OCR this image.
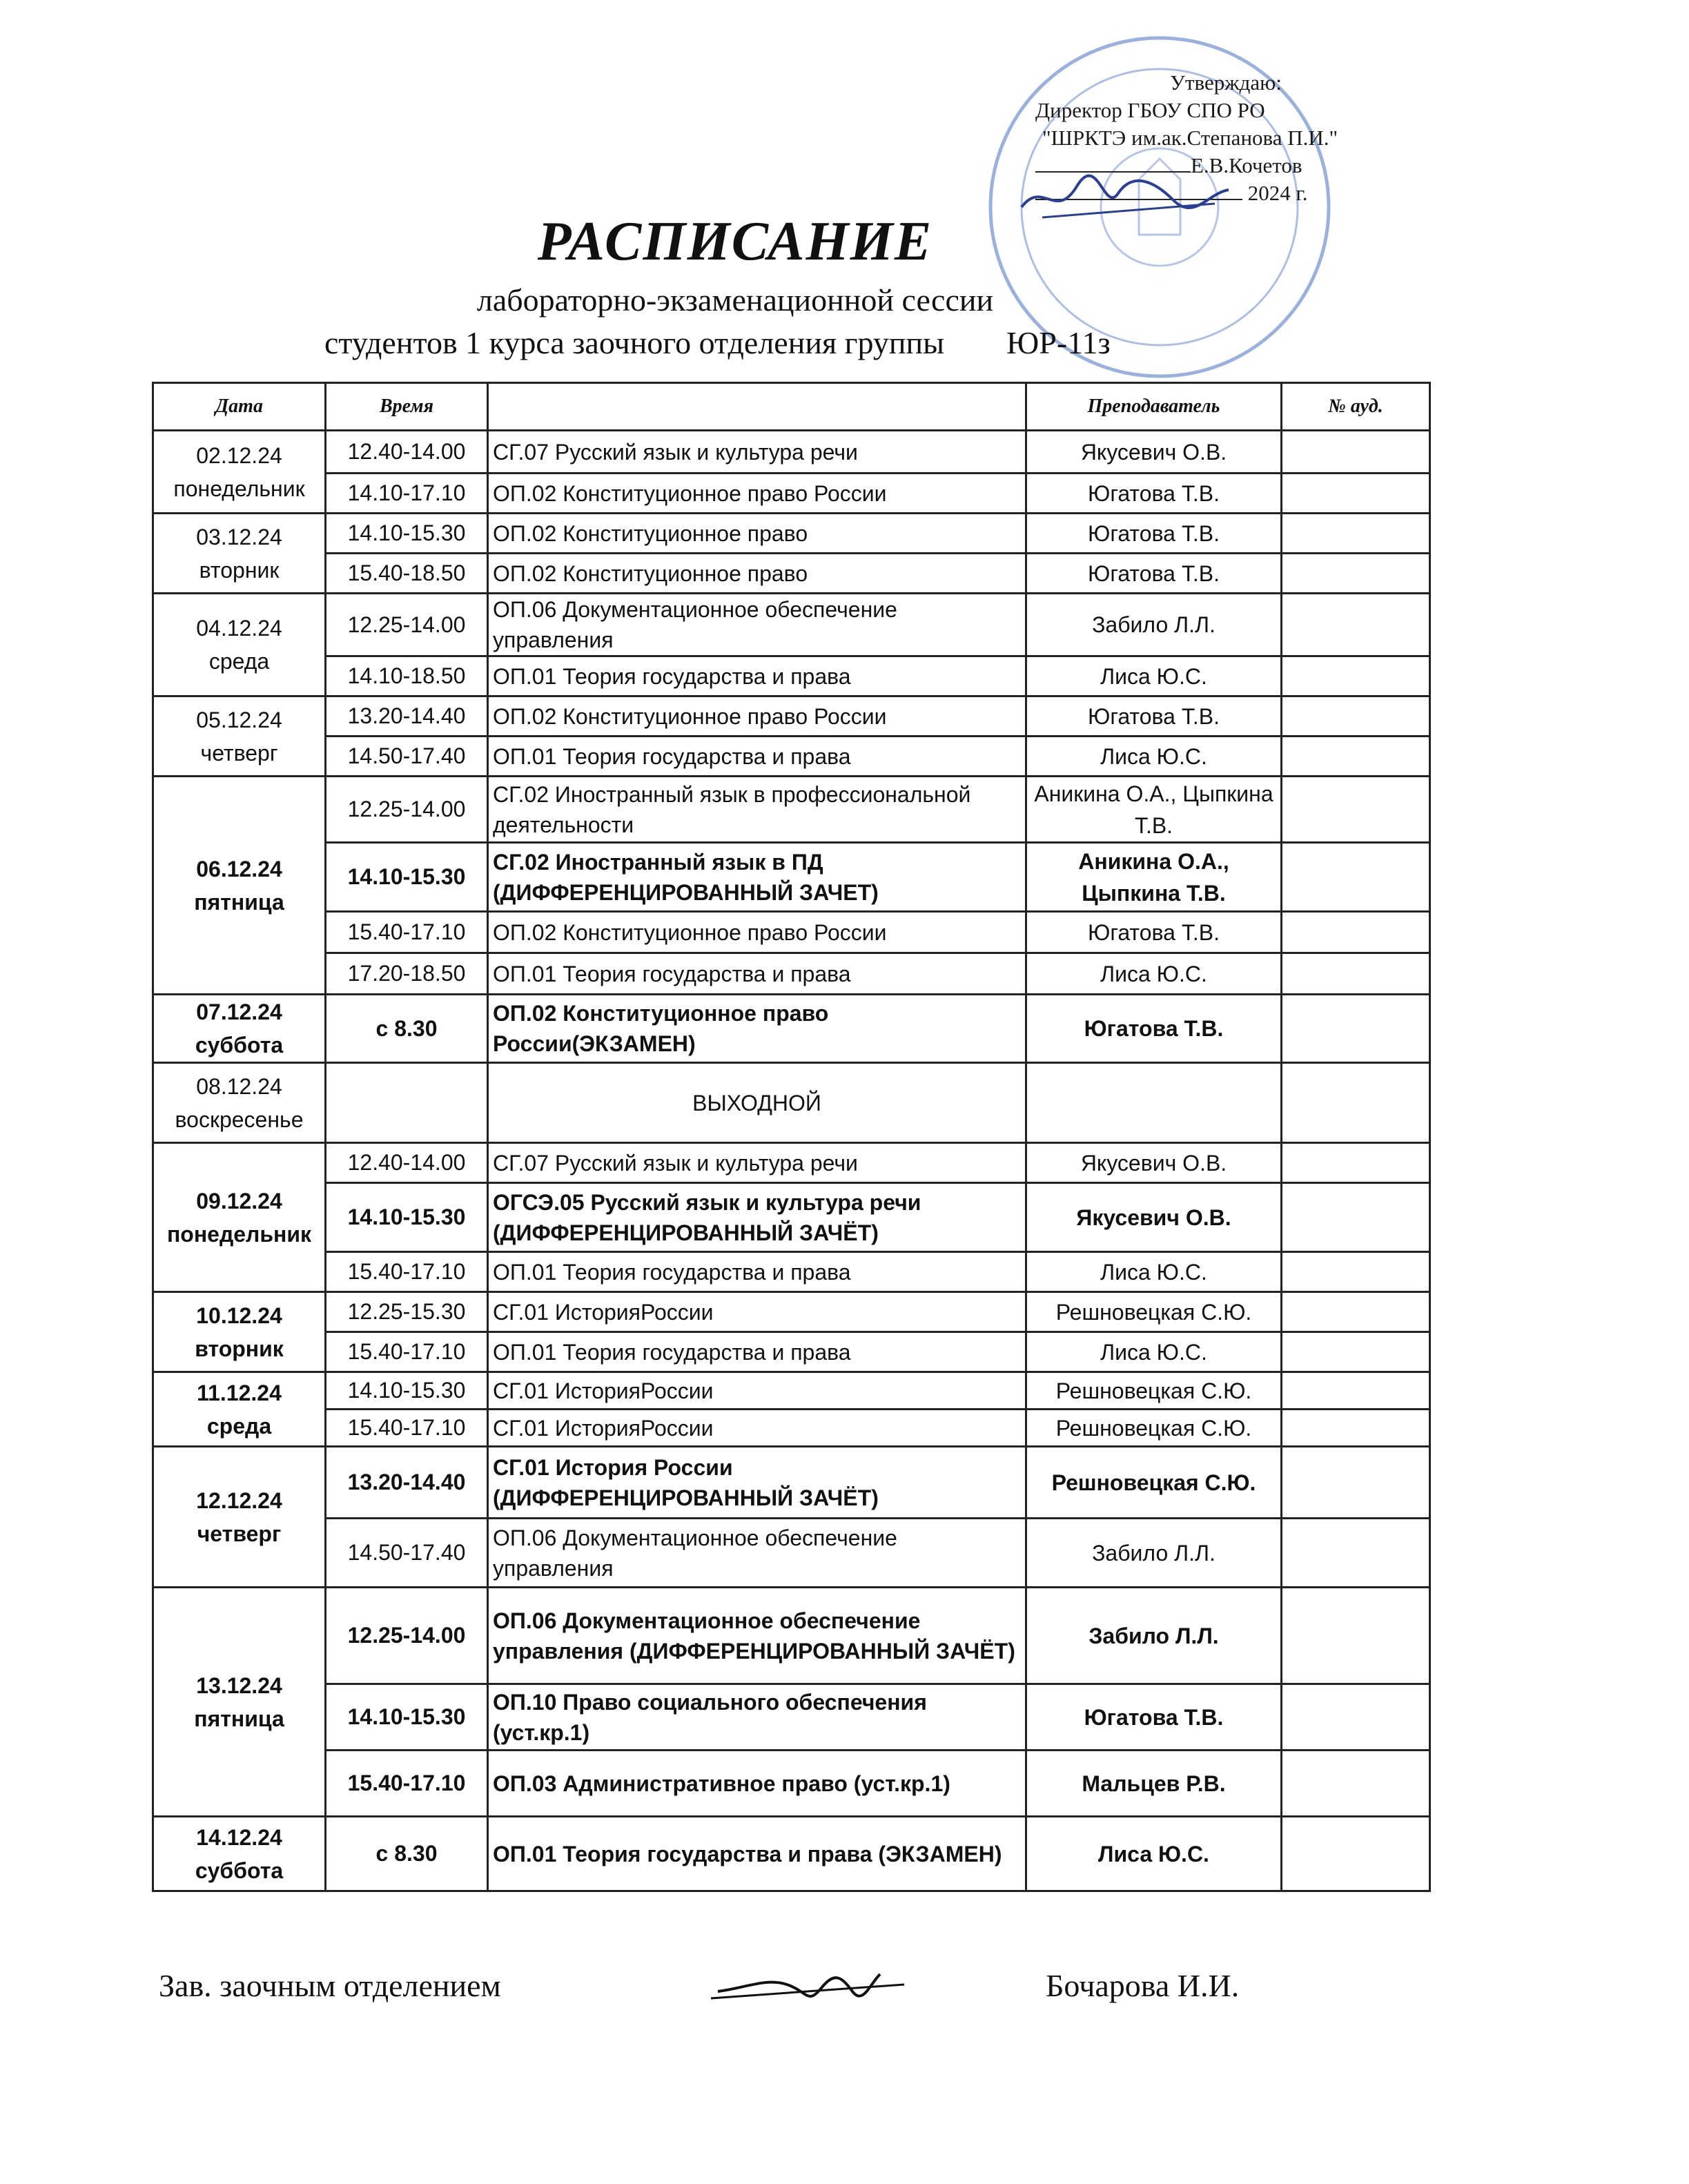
Утверждаю:
Директор ГБОУ СПО РО
"ШРКТЭ им.ак.Степанова П.И."
Е.В.Кочетов
2024 г.
РАСПИСАНИЕ
лабораторно-экзаменационной сессии
студентов 1 курса заочного отделения группы ЮР-11з
Дата	Время		Преподаватель	№ ауд.

02.12.24
понедельник	12.40-14.00	СГ.07 Русский язык и культура речи	Якусевич О.В.	
	14.10-17.10	ОП.02 Конституционное право России	Югатова Т.В.	

03.12.24
вторник	14.10-15.30	ОП.02 Конституционное право	Югатова Т.В.	
	15.40-18.50	ОП.02 Конституционное право	Югатова Т.В.	

04.12.24
среда	12.25-14.00	ОП.06 Документационное обеспечение управления	Забило Л.Л.	
	14.10-18.50	ОП.01 Теория государства и права	Лиса Ю.С.	

05.12.24
четверг	13.20-14.40	ОП.02 Конституционное право России	Югатова Т.В.	
	14.50-17.40	ОП.01 Теория государства и права	Лиса Ю.С.	

06.12.24
пятница	12.25-14.00	СГ.02 Иностранный язык в профессиональной деятельности	Аникина О.А., Цыпкина Т.В.	
	14.10-15.30	СГ.02 Иностранный язык в ПД (ДИФФЕРЕНЦИРОВАННЫЙ ЗАЧЕТ)	Аникина О.А., Цыпкина Т.В.	
	15.40-17.10	ОП.02 Конституционное право России	Югатова Т.В.	
	17.20-18.50	ОП.01 Теория государства и права	Лиса Ю.С.	

07.12.24
суббота	с 8.30	ОП.02 Конституционное право России(ЭКЗАМЕН)	Югатова Т.В.	

08.12.24
воскресенье		ВЫХОДНОЙ		

09.12.24
понедельник	12.40-14.00	СГ.07 Русский язык и культура речи	Якусевич О.В.	
	14.10-15.30	ОГСЭ.05 Русский язык и культура речи (ДИФФЕРЕНЦИРОВАННЫЙ ЗАЧЁТ)	Якусевич О.В.	
	15.40-17.10	ОП.01 Теория государства и права	Лиса Ю.С.	

10.12.24
вторник	12.25-15.30	СГ.01 ИсторияРоссии	Решновецкая С.Ю.	
	15.40-17.10	ОП.01 Теория государства и права	Лиса Ю.С.	

11.12.24
среда	14.10-15.30	СГ.01 ИсторияРоссии	Решновецкая С.Ю.	
	15.40-17.10	СГ.01 ИсторияРоссии	Решновецкая С.Ю.	

12.12.24
четверг	13.20-14.40	СГ.01 История России (ДИФФЕРЕНЦИРОВАННЫЙ ЗАЧЁТ)	Решновецкая С.Ю.	
	14.50-17.40	ОП.06 Документационное обеспечение управления	Забило Л.Л.	

13.12.24
пятница	12.25-14.00	ОП.06 Документационное обеспечение управления (ДИФФЕРЕНЦИРОВАННЫЙ ЗАЧЁТ)	Забило Л.Л.	
	14.10-15.30	ОП.10 Право социального обеспечения (уст.кр.1)	Югатова Т.В.	
	15.40-17.10	ОП.03 Административное право (уст.кр.1)	Мальцев Р.В.	

14.12.24
суббота	с 8.30	ОП.01 Теория государства и права (ЭКЗАМЕН)	Лиса Ю.С.	
Зав. заочным отделением	Бочарова И.И.
